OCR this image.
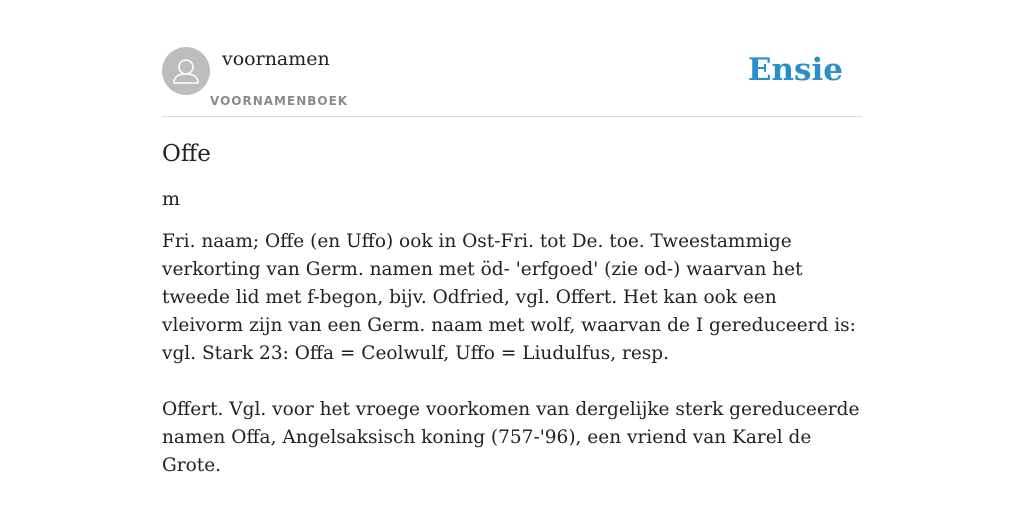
voornamen
VOORNAMENBOEK
Ensie
Offe
m

Fri. naam; Offe (en Uffo) ook in Ost-Fri. tot De. toe. Tweestammige verkorting van Germ. namen met öd- 'erfgoed' (zie od-) waarvan het tweede lid met f-begon, bijv. Odfried, vgl. Offert. Het kan ook een vleivorm zijn van een Germ. naam met wolf, waarvan de I gereduceerd is: vgl. Stark 23: Offa = Ceolwulf, Uffo = Liudulfus, resp.

Offert. Vgl. voor het vroege voorkomen van dergelijke sterk gereduceerde namen Offa, Angelsaksisch koning (757-'96), een vriend van Karel de Grote.
